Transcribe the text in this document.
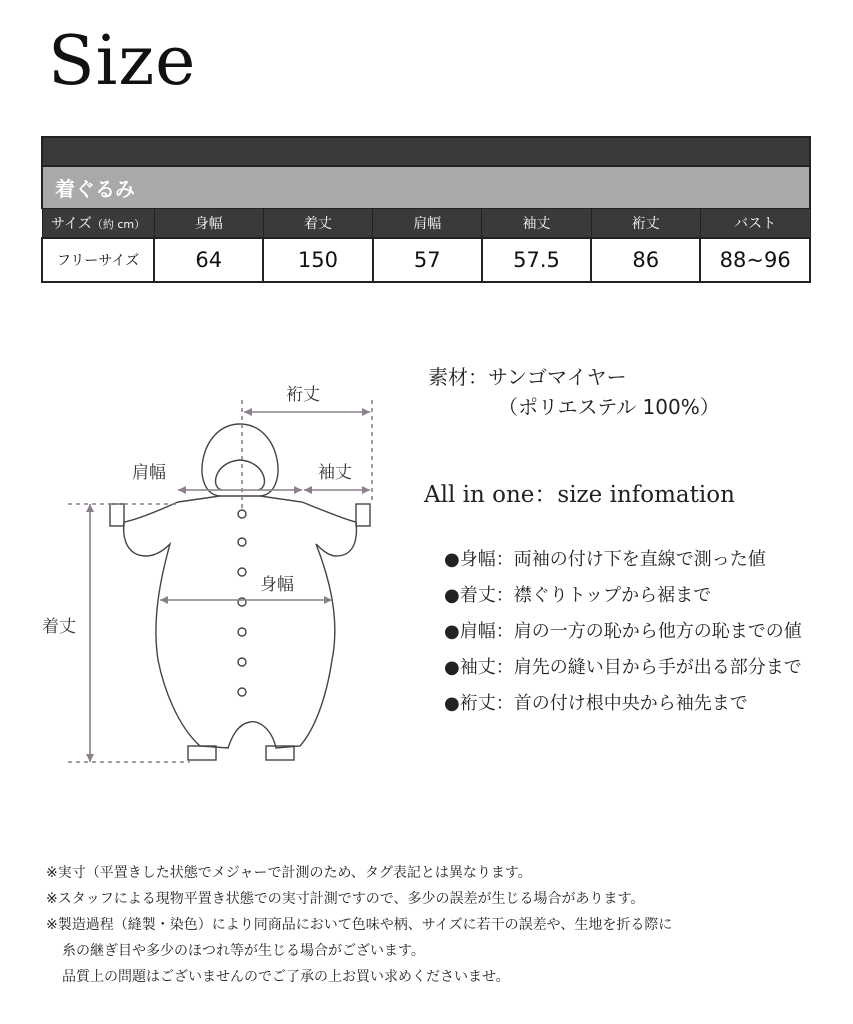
Size

着ぐるみ						
サイズ（約 cm）	身幅	着丈	肩幅	袖丈	裄丈	バスト
フリーサイズ	64	150	57	57.5	86	88~96
裄丈
肩幅	袖丈
身幅
着丈
素材：サンゴマイヤー
（ポリエステル 100%）
All in one：size infomation
●身幅：両袖の付け下を直線で測った値
●着丈：襟ぐりトップから裾まで
●肩幅：肩の一方の恥から他方の恥までの値
●袖丈：肩先の縫い目から手が出る部分まで
●裄丈：首の付け根中央から袖先まで
※実寸（平置きした状態でメジャーで計測のため、タグ表記とは異なります。
※スタッフによる現物平置き状態での実寸計測ですので、多少の誤差が生じる場合があります。
※製造過程（縫製・染色）により同商品において色味や柄、サイズに若干の誤差や、生地を折る際に
糸の継ぎ目や多少のほつれ等が生じる場合がございます。
品質上の問題はございませんのでご了承の上お買い求めくださいませ。
